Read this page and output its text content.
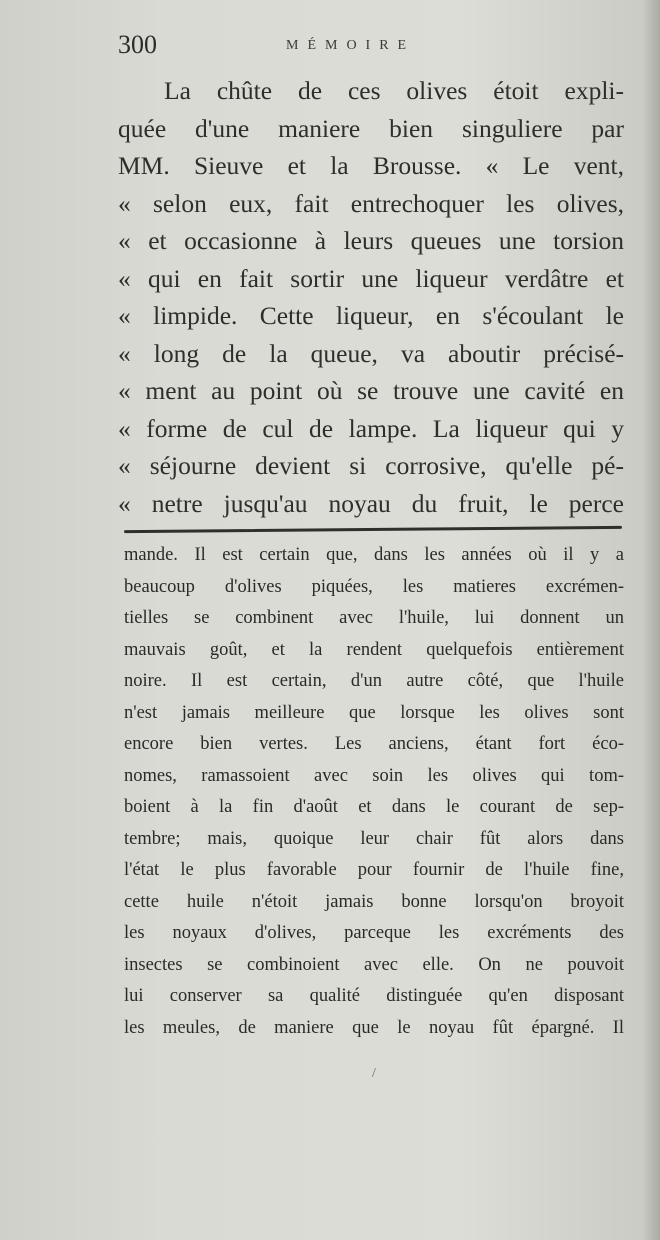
300	MÉMOIRE
La chûte de ces olives étoit expli-
quée d'une maniere bien singuliere par
MM. Sieuve et la Brousse. « Le vent,
« selon eux, fait entrechoquer les olives,
« et occasionne à leurs queues une torsion
« qui en fait sortir une liqueur verdâtre et
« limpide. Cette liqueur, en s'écoulant le
« long de la queue, va aboutir précisé-
« ment au point où se trouve une cavité en
« forme de cul de lampe. La liqueur qui y
« séjourne devient si corrosive, qu'elle pé-
« netre jusqu'au noyau du fruit, le perce
mande. Il est certain que, dans les années où il y a
beaucoup d'olives piquées, les matieres excrémen-
tielles se combinent avec l'huile, lui donnent un
mauvais goût, et la rendent quelquefois entièrement
noire. Il est certain, d'un autre côté, que l'huile
n'est jamais meilleure que lorsque les olives sont
encore bien vertes. Les anciens, étant fort éco-
nomes, ramassoient avec soin les olives qui tom-
boient à la fin d'août et dans le courant de sep-
tembre; mais, quoique leur chair fût alors dans
l'état le plus favorable pour fournir de l'huile fine,
cette huile n'étoit jamais bonne lorsqu'on broyoit
les noyaux d'olives, parceque les excréments des
insectes se combinoient avec elle. On ne pouvoit
lui conserver sa qualité distinguée qu'en disposant
les meules, de maniere que le noyau fût épargné. Il
/
